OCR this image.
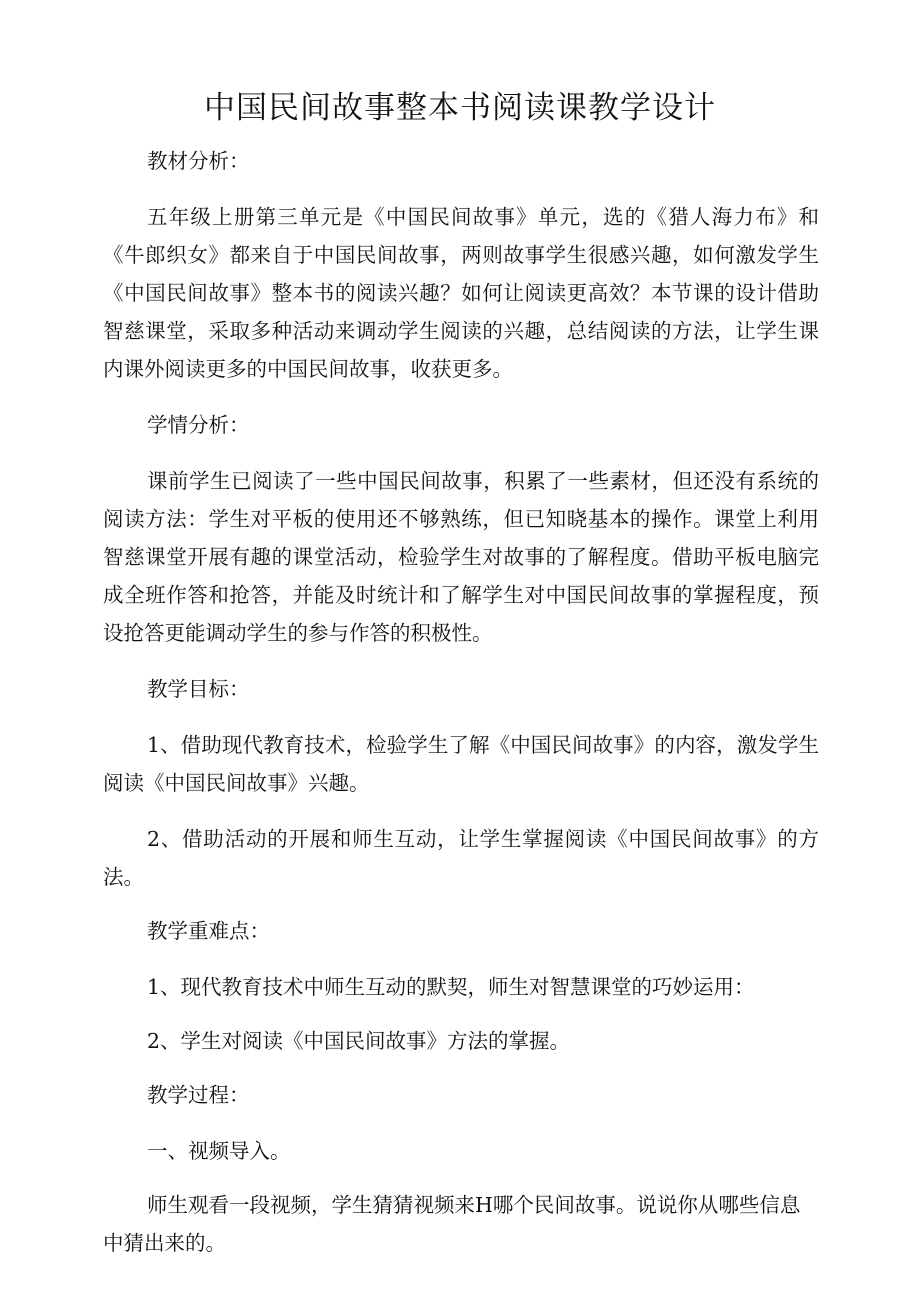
中国民间故事整本书阅读课教学设计

教材分析：

五年级上册第三单元是《中国民间故事》单元，选的《猎人海力布》和《牛郎织女》都来自于中国民间故事，两则故事学生很感兴趣，如何激发学生《中国民间故事》整本书的阅读兴趣？如何让阅读更高效？本节课的设计借助智慈课堂，采取多种活动来调动学生阅读的兴趣，总结阅读的方法，让学生课内课外阅读更多的中国民间故事，收获更多。

学情分析：

课前学生已阅读了一些中国民间故事，积累了一些素材，但还没有系统的阅读方法：学生对平板的使用还不够熟练，但已知晓基本的操作。课堂上利用智慈课堂开展有趣的课堂活动，检验学生对故事的了解程度。借助平板电脑完成全班作答和抢答，并能及时统计和了解学生对中国民间故事的掌握程度，预设抢答更能调动学生的参与作答的积极性。

教学目标：

1、借助现代教育技术，检验学生了解《中国民间故事》的内容，激发学生阅读《中国民间故事》兴趣。

2、借助活动的开展和师生互动，让学生掌握阅读《中国民间故事》的方法。

教学重难点：

1、现代教育技术中师生互动的默契，师生对智慧课堂的巧妙运用：

2、学生对阅读《中国民间故事》方法的掌握。

教学过程：

一、视频导入。

师生观看一段视频，学生猜猜视频来H哪个民间故事。说说你从哪些信息中猜出来的。
